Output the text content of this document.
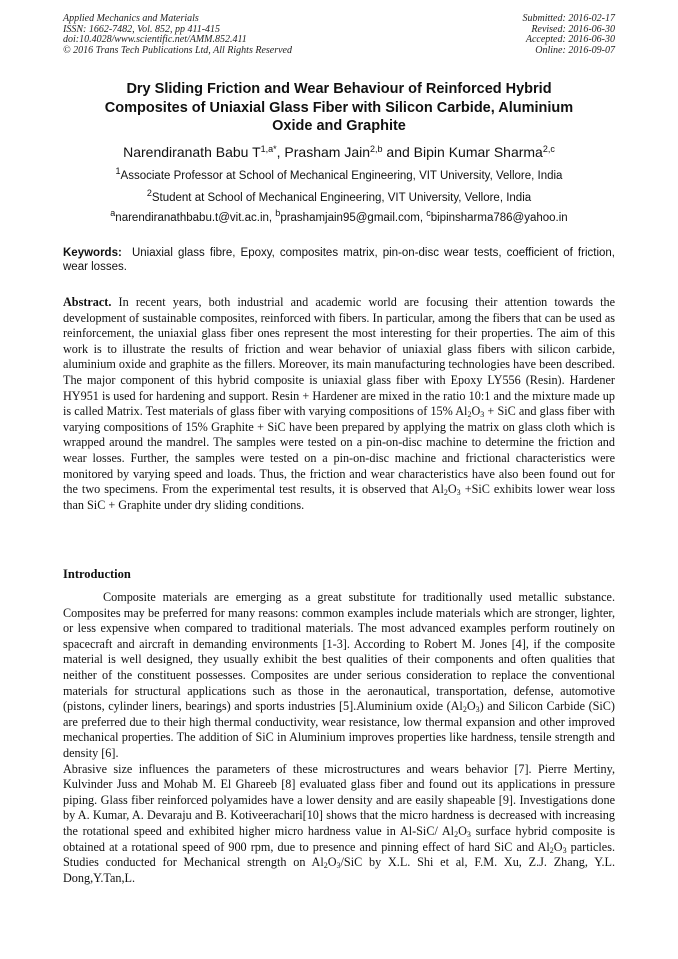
Applied Mechanics and Materials
ISSN: 1662-7482, Vol. 852, pp 411-415
doi:10.4028/www.scientific.net/AMM.852.411
© 2016 Trans Tech Publications Ltd, All Rights Reserved
Submitted: 2016-02-17
Revised: 2016-06-30
Accepted: 2016-06-30
Online: 2016-09-07
Dry Sliding Friction and Wear Behaviour of Reinforced Hybrid
Composites of Uniaxial Glass Fiber with Silicon Carbide, Aluminium
Oxide and Graphite
Narendiranath Babu $T^{1,a*}$, Prasham Jain$^{2,b}$ and Bipin Kumar Sharma$^{2,c}$
$^1$Associate Professor at School of Mechanical Engineering, VIT University, Vellore, India
$^2$Student at School of Mechanical Engineering, VIT University, Vellore, India
$^a$narendiranathbabu.t@vit.ac.in, $^b$prashamjain95@gmail.com, $^c$bipinsharma786@yahoo.in
Keywords: Uniaxial glass fibre, Epoxy, composites matrix, pin-on-disc wear tests, coefficient of friction, wear losses.
Abstract. In recent years, both industrial and academic world are focusing their attention towards the development of sustainable composites, reinforced with fibers. In particular, among the fibers that can be used as reinforcement, the uniaxial glass fiber ones represent the most interesting for their properties. The aim of this work is to illustrate the results of friction and wear behavior of uniaxial glass fibers with silicon carbide, aluminium oxide and graphite as the fillers. Moreover, its main manufacturing technologies have been described. The major component of this hybrid composite is uniaxial glass fiber with Epoxy LY556 (Resin). Hardener HY951 is used for hardening and support. Resin + Hardener are mixed in the ratio 10:1 and the mixture made up is called Matrix. Test materials of glass fiber with varying compositions of 15% $Al_2O_3$ + SiC and glass fiber with varying compositions of 15% Graphite + SiC have been prepared by applying the matrix on glass cloth which is wrapped around the mandrel. The samples were tested on a pin-on-disc machine to determine the friction and wear losses. Further, the samples were tested on a pin-on-disc machine and frictional characteristics were monitored by varying speed and loads. Thus, the friction and wear characteristics have also been found out for the two specimens. From the experimental test results, it is observed that $Al_2O_3 +SiC$ exhibits lower wear loss than SiC + Graphite under dry sliding conditions.
Introduction

Composite materials are emerging as a great substitute for traditionally used metallic substance. Composites may be preferred for many reasons: common examples include materials which are stronger, lighter, or less expensive when compared to traditional materials. The most advanced examples perform routinely on spacecraft and aircraft in demanding environments [1-3]. According to Robert M. Jones [4], if the composite material is well designed, they usually exhibit the best qualities of their components and often qualities that neither of the constituent possesses. Composites are under serious consideration to replace the conventional materials for structural applications such as those in the aeronautical, transportation, defense, automotive (pistons, cylinder liners, bearings) and sports industries [5].Aluminium oxide $(Al_2O_3)$ and Silicon Carbide (SiC) are preferred due to their high thermal conductivity, wear resistance, low thermal expansion and other improved mechanical properties. The addition of SiC in Aluminium improves properties like hardness, tensile strength and density [6].

Abrasive size influences the parameters of these microstructures and wears behavior [7]. Pierre Mertiny, Kulvinder Juss and Mohab M. El Ghareeb [8] evaluated glass fiber and found out its applications in pressure piping. Glass fiber reinforced polyamides have a lower density and are easily shapeable [9]. Investigations done by A. Kumar, A. Devaraju and B. Kotiveerachari[10] shows that the micro hardness is decreased with increasing the rotational speed and exhibited higher micro hardness value in Al-SiC/ $Al_2O_3$ surface hybrid composite is obtained at a rotational speed of 900 rpm, due to presence and pinning effect of hard SiC and $Al_2O_3$ particles. Studies conducted for Mechanical strength on $Al_2O_3$/SiC by X.L. Shi et al, F.M. Xu, Z.J. Zhang, Y.L. Dong,Y.Tan,L.
